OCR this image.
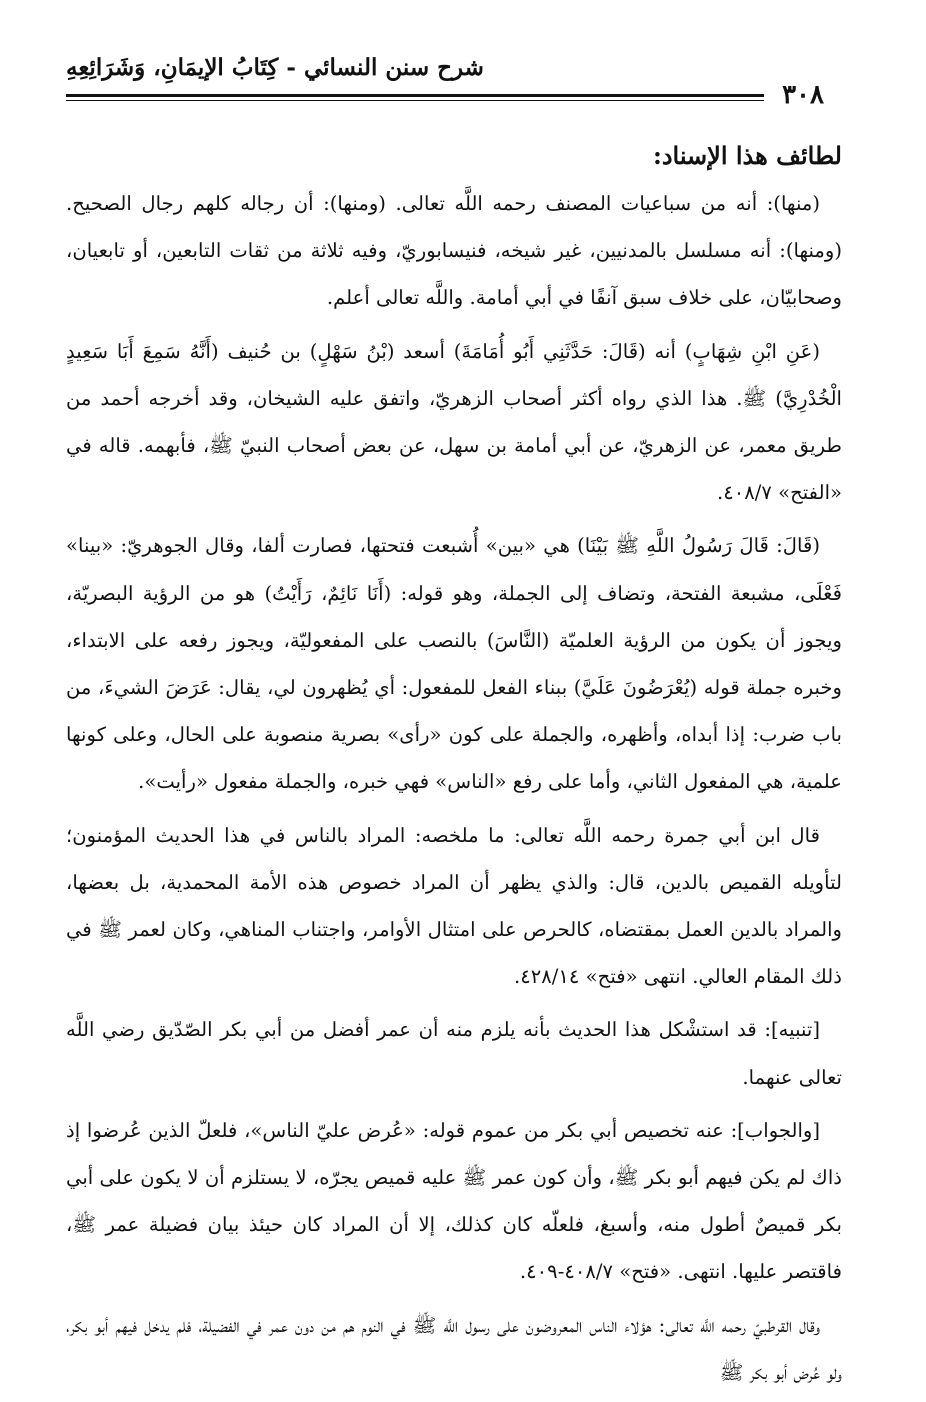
٣٠٨
شرح سنن النسائي - كِتَابُ الإيمَانِ، وَشَرَائِعِهِ
لطائف هذا الإسناد:

(منها): أنه من سباعيات المصنف رحمه اللَّه تعالى. (ومنها): أن رجاله كلهم رجال الصحيح. (ومنها): أنه مسلسل بالمدنيين، غير شيخه، فنيسابوريّ، وفيه ثلاثة من ثقات التابعين، أو تابعيان، وصحابيّان، على خلاف سبق آنفًا في أبي أمامة. واللَّه تعالى أعلم.

(عَنِ ابْنِ شِهَابٍ) أنه (قَالَ: حَدَّثَنِي أَبُو أُمَامَةَ) أسعد (بْنُ سَهْلٍ) بن حُنيف (أَنَّهُ سَمِعَ أَبَا سَعِيدٍ الْخُدْرِيَّ) ﷺ. هذا الذي رواه أكثر أصحاب الزهريّ، واتفق عليه الشيخان، وقد أخرجه أحمد من طريق معمر، عن الزهريّ، عن أبي أمامة بن سهل، عن بعض أصحاب النبيّ ﷺ، فأبهمه. قاله في «الفتح» ٤٠٨/٧.

(قَالَ: قَالَ رَسُولُ اللَّهِ ﷺ بَيْنَا) هي «بين» أُشبعت فتحتها، فصارت ألفا، وقال الجوهريّ: «بينا» فَعْلَى، مشبعة الفتحة، وتضاف إلى الجملة، وهو قوله: (أَنَا نَائِمٌ، رَأَيْتُ) هو من الرؤية البصريّة، ويجوز أن يكون من الرؤية العلميّة (النَّاسَ) بالنصب على المفعوليّة، ويجوز رفعه على الابتداء، وخبره جملة قوله (يُعْرَضُونَ عَلَيَّ) ببناء الفعل للمفعول: أي يُظهرون لي، يقال: عَرَضَ الشيءَ، من باب ضرب: إذا أبداه، وأظهره، والجملة على كون «رأى» بصرية منصوبة على الحال، وعلى كونها علمية، هي المفعول الثاني، وأما على رفع «الناس» فهي خبره، والجملة مفعول «رأيت».

قال ابن أبي جمرة رحمه اللَّه تعالى: ما ملخصه: المراد بالناس في هذا الحديث المؤمنون؛ لتأويله القميص بالدين، قال: والذي يظهر أن المراد خصوص هذه الأمة المحمدية، بل بعضها، والمراد بالدين العمل بمقتضاه، كالحرص على امتثال الأوامر، واجتناب المناهي، وكان لعمر ﷺ في ذلك المقام العالي. انتهى «فتح» ٤٢٨/١٤.

[تنبيه]: قد استشْكل هذا الحديث بأنه يلزم منه أن عمر أفضل من أبي بكر الصّدّيق رضي اللَّه تعالى عنهما.

[والجواب]: عنه تخصيص أبي بكر من عموم قوله: «عُرض عليّ الناس»، فلعلّ الذين عُرضوا إذ ذاك لم يكن فيهم أبو بكر ﷺ، وأن كون عمر ﷺ عليه قميص يجرّه، لا يستلزم أن لا يكون على أبي بكر قميصٌ أطول منه، وأسبغ، فلعلّه كان كذلك، إلا أن المراد كان حيئذ بيان فضيلة عمر ﷺ، فاقتصر عليها. انتهى. «فتح» ٤٠٨/٧-٤٠٩.

وقال القرطبيّ رحمه اللَّه تعالى: هؤلاء الناس المعروضون على رسول اللَّه ﷺ في النوم هم من دون عمر في الفضيلة، فلم يدخل فيهم أبو بكر، ولو عُرض أبو بكر ﷺ
